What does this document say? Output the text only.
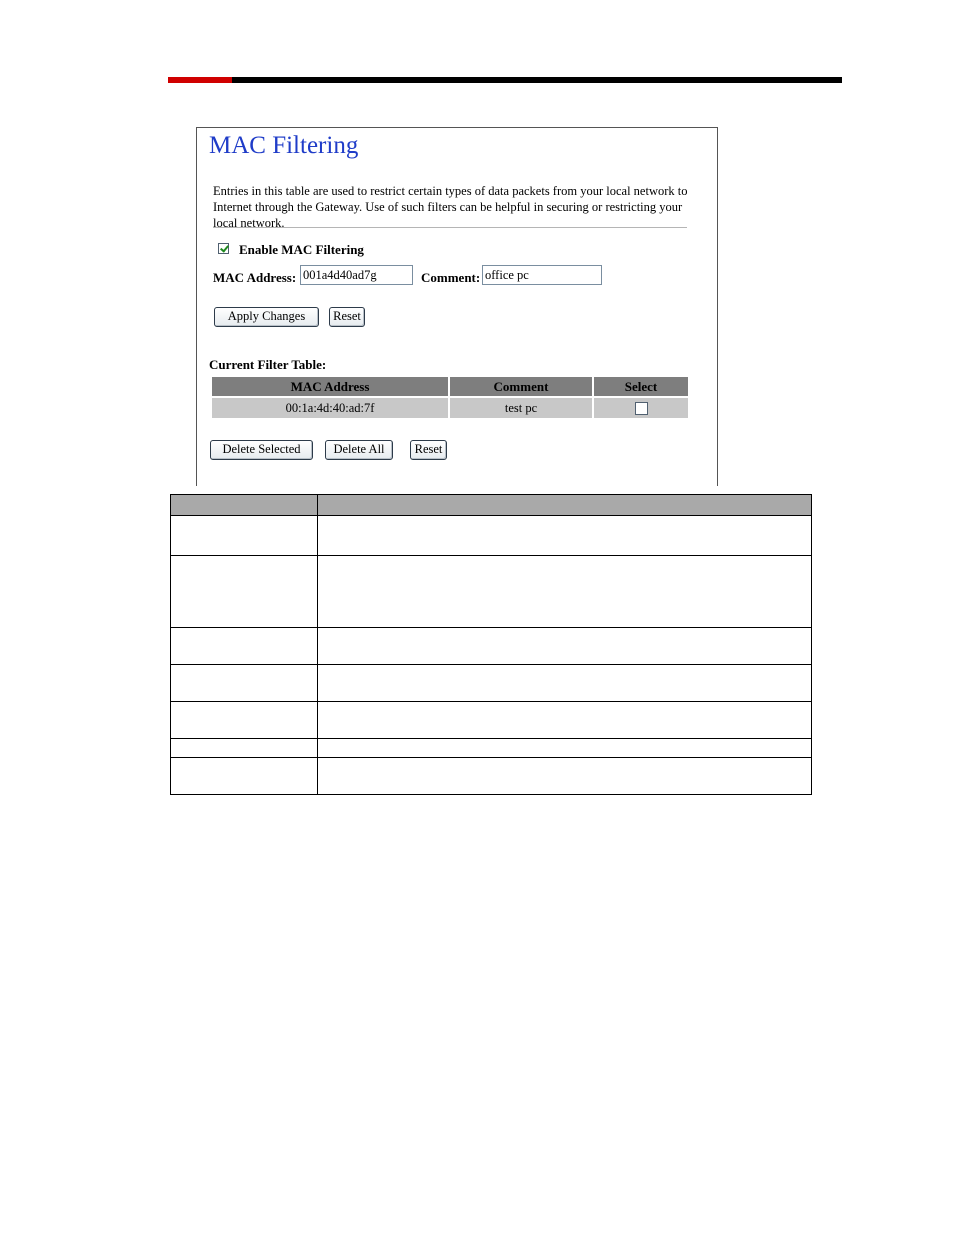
MAC Filtering
Entries in this table are used to restrict certain types of data packets from your local network to Internet through the Gateway. Use of such filters can be helpful in securing or restricting your local network.
Enable MAC Filtering
MAC Address: 001a4d40ad7g	Comment: office pc
Apply Changes	Reset
Current Filter Table:
MAC Address	Comment	Select
00:1a:4d:40:ad:7f	test pc	
Delete Selected	Delete All	Reset
